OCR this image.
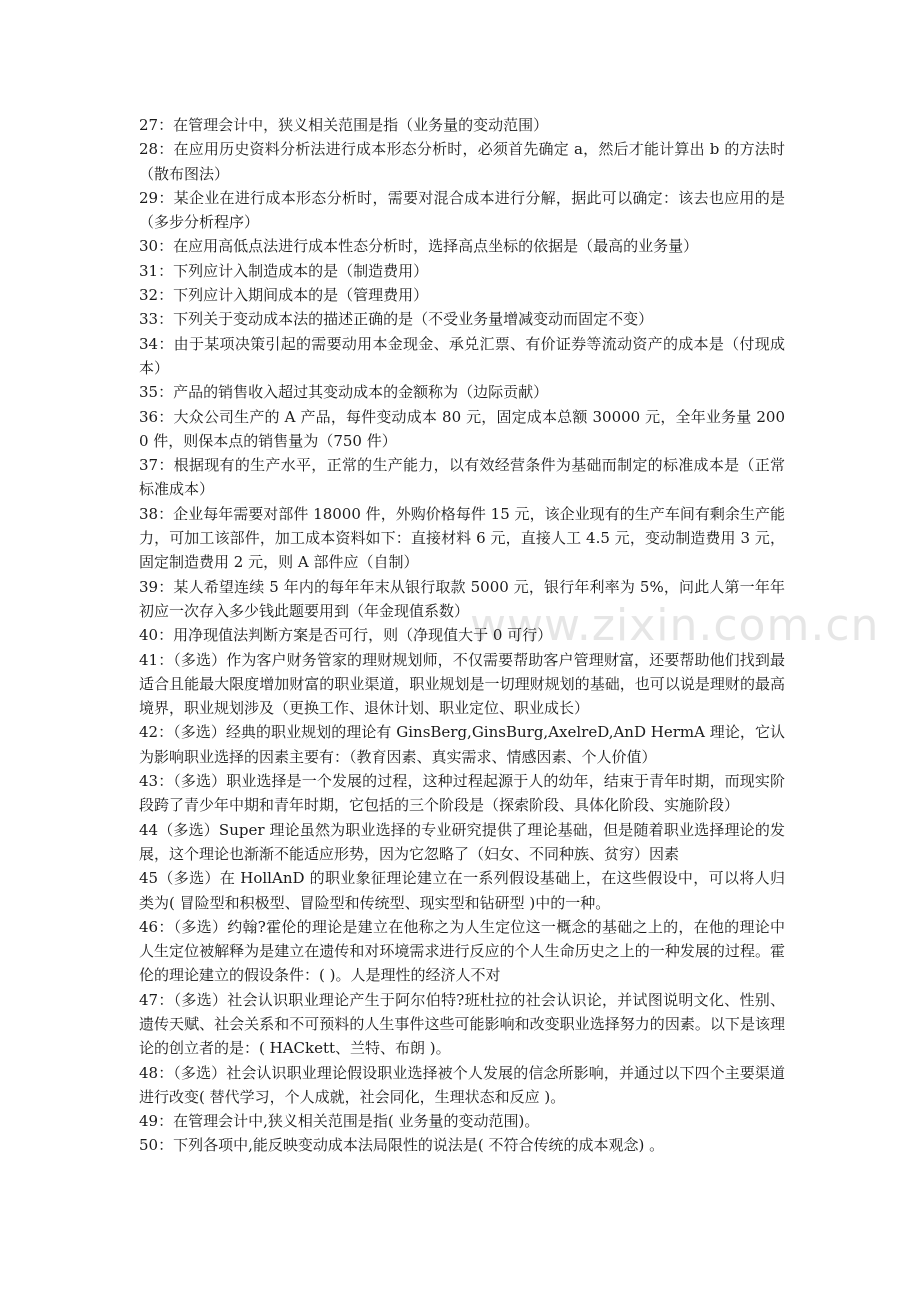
www.zixin.com.cn

27：在管理会计中，狭义相关范围是指（业务量的变动范围）

28：在应用历史资料分析法进行成本形态分析时，必须首先确定 a，然后才能计算出 b 的方法时（散布图法）

29：某企业在进行成本形态分析时，需要对混合成本进行分解，据此可以确定：该去也应用的是（多步分析程序）

30：在应用高低点法进行成本性态分析时，选择高点坐标的依据是（最高的业务量）

31：下列应计入制造成本的是（制造费用）

32：下列应计入期间成本的是（管理费用）

33：下列关于变动成本法的描述正确的是（不受业务量增减变动而固定不变）

34：由于某项决策引起的需要动用本金现金、承兑汇票、有价证券等流动资产的成本是（付现成本）

35：产品的销售收入超过其变动成本的金额称为（边际贡献）

36：大众公司生产的 A 产品，每件变动成本 80 元，固定成本总额 30000 元，全年业务量 2000 件，则保本点的销售量为（750 件）

37：根据现有的生产水平，正常的生产能力，以有效经营条件为基础而制定的标准成本是（正常标准成本）

38：企业每年需要对部件 18000 件，外购价格每件 15 元，该企业现有的生产车间有剩余生产能力，可加工该部件，加工成本资料如下：直接材料 6 元，直接人工 4.5 元，变动制造费用 3 元，固定制造费用 2 元，则 A 部件应（自制）

39：某人希望连续 5 年内的每年年末从银行取款 5000 元，银行年利率为 5%，问此人第一年年初应一次存入多少钱此题要用到（年金现值系数）

40：用净现值法判断方案是否可行，则（净现值大于 0 可行）

41：（多选）作为客户财务管家的理财规划师，不仅需要帮助客户管理财富，还要帮助他们找到最适合且能最大限度增加财富的职业渠道，职业规划是一切理财规划的基础，也可以说是理财的最高境界，职业规划涉及（更换工作、退休计划、职业定位、职业成长）

42：（多选）经典的职业规划的理论有 GinsBerg,GinsBurg,AxelreD,AnD HermA 理论，它认为影响职业选择的因素主要有：（教育因素、真实需求、情感因素、个人价值）

43：（多选）职业选择是一个发展的过程，这种过程起源于人的幼年，结束于青年时期，而现实阶段跨了青少年中期和青年时期，它包括的三个阶段是（探索阶段、具体化阶段、实施阶段）

44（多选）Super 理论虽然为职业选择的专业研究提供了理论基础，但是随着职业选择理论的发展，这个理论也渐渐不能适应形势，因为它忽略了（妇女、不同种族、贫穷）因素

45（多选）在 HollAnD 的职业象征理论建立在一系列假设基础上，在这些假设中，可以将人归类为( 冒险型和积极型、冒险型和传统型、现实型和钻研型 )中的一种。

46：（多选）约翰?霍伦的理论是建立在他称之为人生定位这一概念的基础之上的，在他的理论中人生定位被解释为是建立在遗传和对环境需求进行反应的个人生命历史之上的一种发展的过程。霍伦的理论建立的假设条件：( )。人是理性的经济人不对

47：（多选）社会认识职业理论产生于阿尔伯特?班杜拉的社会认识论，并试图说明文化、性别、遗传天赋、社会关系和不可预料的人生事件这些可能影响和改变职业选择努力的因素。以下是该理论的创立者的是：( HACkett、兰特、布朗 )。

48：（多选）社会认识职业理论假设职业选择被个人发展的信念所影响，并通过以下四个主要渠道进行改变( 替代学习，个人成就，社会同化，生理状态和反应 )。

49：在管理会计中,狭义相关范围是指( 业务量的变动范围)。

50：下列各项中,能反映变动成本法局限性的说法是( 不符合传统的成本观念) 。
